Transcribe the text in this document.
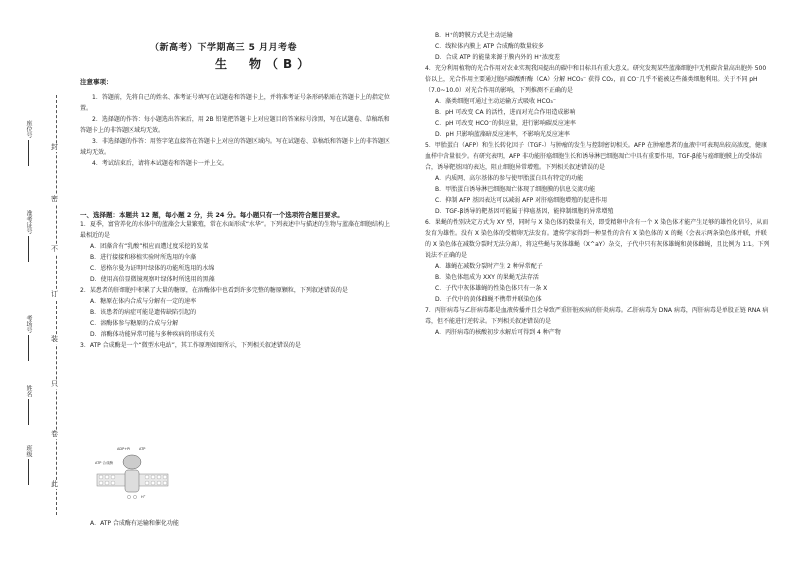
封
密
不
订
装
只
卷
此
座位号
准考证号
考场号
姓名
班级
（新高考）下学期高三 5 月月考卷
生　物（B）
注意事项：

1．答题前，先将自己的姓名、准考证号填写在试题卷和答题卡上，并将准考证号条形码粘贴在答题卡上的指定位置。

2．选择题的作答：每小题选出答案后，用 2B 铅笔把答题卡上对应题目的答案标号涂黑，写在试题卷、草稿纸和答题卡上的非答题区域均无效。

3．非选择题的作答：用签字笔直接答在答题卡上对应的答题区域内。写在试题卷、草稿纸和答题卡上的非答题区域均无效。

4．考试结束后，请将本试题卷和答题卡一并上交。

一、选择题：本题共 12 题，每小题 2 分，共 24 分。每小题只有一个选项符合题目要求。

1．夏季，富营养化的水体中的蓝藻会大量繁殖，常在水面形成“水华”。下列表述中与描述的生物与蓝藻在细胞结构上最相近的是

A．团藻含有“乳酸”相应而遭过度采挖的发菜

B．进行接接和移植实验时所选用的伞藻

C．恩格尔曼为证明叶绿体的功能所选用的水绵

D．使用高倍显微镜观察叶绿体时所选用的黑藻

2．某患者的肝细胞中积累了大量的糖原，在溶酶体中也看到许多完整的糖原颗粒，下列叙述错误的是

A．糖原在体内合成与分解有一定的速率

B．该患者的病症可能是遗传缺陷引起的

C．溶酶体参与糖原的合成与分解

D．溶酶体功能异常可能与多种疾病的形成有关

3．ATP 合成酶是一个“微型水电站”，其工作原理如图所示，下列相关叙述错误的是

ADP+Pi	ATP
ATP 合成酶
H⁺

A．ATP 合成酶有运输和催化功能

B．H⁺的跨膜方式是主动运输

C．线粒体内膜上 ATP 合成酶的数量较多

D．合成 ATP 的能量来源于膜内外的 H⁺浓度差

4．充分利用植物的光合作用对农业实现我国提出的碳中和目标具有重大意义。研究发现某些蓝藻细胞中无机碳含量高出胞外 500 倍以上，光合作用主要通过胞内碳酸酐酶（CA）分解 HCO₃⁻ 获得 CO₂，而 CO⁻几乎不能被这些藻类细胞利用。关于不同 pH（7.0~10.0）对光合作用的影响，下列推测不正确的是

A．藻类细胞可通过主动运输方式吸收 HCO₃⁻

B．pH 可改变 CA 的活性，进而对光合作用造成影响

C．pH 可改变 HCO⁻的供应量，进行影响碳反应速率

D．pH 只影响蓝藻暗反应速率，不影响光反应速率

5．甲胎蛋白（AFP）和生长转化因子（TGF-）与肿瘤的发生与控制密切相关。AFP 在肿瘤患者的血液中可表现出较高浓度，健康血样中含量很少。有研究表明，AFP 非功能肝癌细胞生长和诱导淋巴细胞凋亡中具有重要作用，TGF-β能与癌细胞膜上的受体结合，诱导靶基因的表达，阻止细胞异常增殖。下列相关叙述错误的是

A．内质网、高尔基体的参与使甲胎蛋白具有特定的功能

B．甲胎蛋白诱导淋巴细胞凋亡体现了细胞膜的信息交流功能

C．抑制 AFP 基因表达可以减弱 AFP 对肝癌细胞增殖的促进作用

D．TGF-β诱导的靶基因可能属于抑癌基因，能抑制细胞的异常增殖

6．果蝇的性别决定方式为 XY 型，同时与 X 染色体的数量有关，即受精卵中含有一个 X 染色体才能产生足够的雄性化信号，从而发育为雄性。没有 X 染色体的受精卵无法发育。遗传学家得到一种显性的含有 X 染色体的 X 的蝇（会表示两条染色体并联，并联的 X 染色体在减数分裂时无法分离），将这些蝇与灰体雄蝇（X^aY）杂交，子代中只有灰体雄蝇和黄体雌蝇，且比例为 1∶1。下列说法不正确的是

A．雄蝇在减数分裂时产生 2 种异常配子

B．染色体组成为 XXY 的果蝇无法存活

C．子代中灰体雄蝇的性染色体只有一条 X

D．子代中的黄体雌蝇不携带并联染色体

7．丙肝病毒与乙肝病毒都是血液传播并且会导致严重肝脏疾病的肝炎病毒。乙肝病毒为 DNA 病毒，丙肝病毒是单股正链 RNA 病毒，但不能进行逆转录。下列相关叙述错误的是

A．丙肝病毒的核酸初步水解后可得到 4 种产物
